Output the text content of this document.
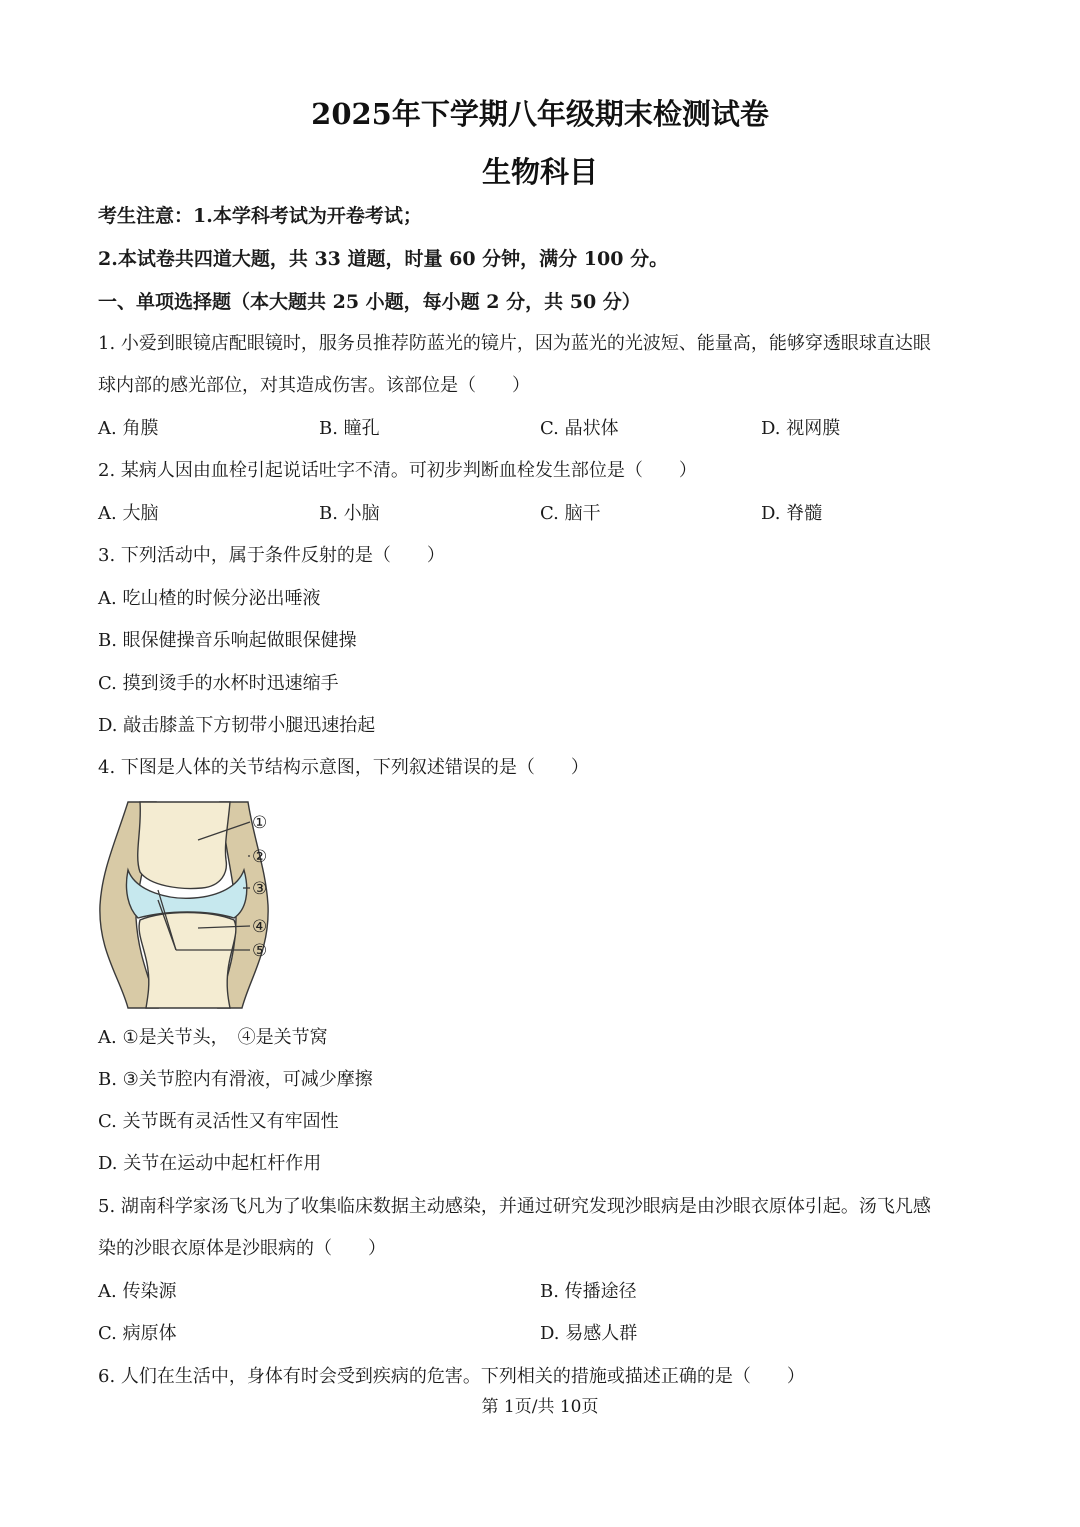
2025年下学期八年级期末检测试卷
生物科目
考生注意：1.本学科考试为开卷考试；
2.本试卷共四道大题，共 33 道题，时量 60 分钟，满分 100 分。
一、单项选择题（本大题共 25 小题，每小题 2 分，共 50 分）
1. 小爱到眼镜店配眼镜时，服务员推荐防蓝光的镜片，因为蓝光的光波短、能量高，能够穿透眼球直达眼
球内部的感光部位，对其造成伤害。该部位是（　　）
A. 角膜	B. 瞳孔	C. 晶状体	D. 视网膜
2. 某病人因由血栓引起说话吐字不清。可初步判断血栓发生部位是（　　）
A. 大脑	B. 小脑	C. 脑干	D. 脊髓
3. 下列活动中，属于条件反射的是（　　）
A. 吃山楂的时候分泌出唾液
B. 眼保健操音乐响起做眼保健操
C. 摸到烫手的水杯时迅速缩手
D. 敲击膝盖下方韧带小腿迅速抬起
4. 下图是人体的关节结构示意图，下列叙述错误的是（　　）
①
②
③
④
⑤
A. ①是关节头，　④是关节窝
B. ③关节腔内有滑液，可减少摩擦
C. 关节既有灵活性又有牢固性
D. 关节在运动中起杠杆作用
5. 湖南科学家汤飞凡为了收集临床数据主动感染，并通过研究发现沙眼病是由沙眼衣原体引起。汤飞凡感
染的沙眼衣原体是沙眼病的（　　）
A. 传染源	B. 传播途径
C. 病原体	D. 易感人群
6. 人们在生活中，身体有时会受到疾病的危害。下列相关的措施或描述正确的是（　　）
第 1页/共 10页
